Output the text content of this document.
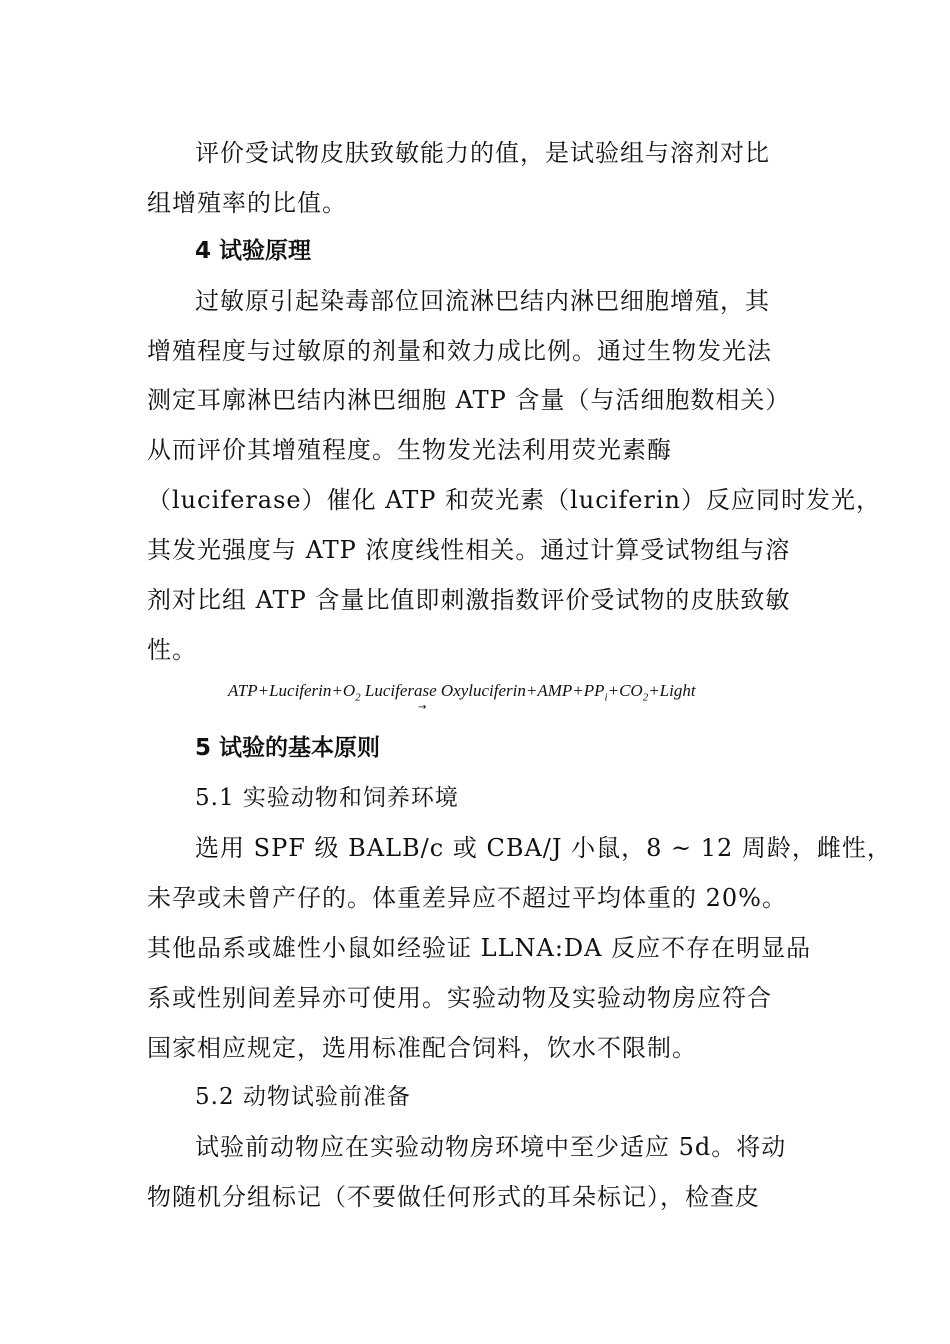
评价受试物皮肤致敏能力的值，是试验组与溶剂对比
组增殖率的比值。
4 试验原理
过敏原引起染毒部位回流淋巴结内淋巴细胞增殖，其
增殖程度与过敏原的剂量和效力成比例。通过生物发光法
测定耳廓淋巴结内淋巴细胞 ATP 含量（与活细胞数相关）
从而评价其增殖程度。生物发光法利用荧光素酶
（luciferase）催化 ATP 和荧光素（luciferin）反应同时发光，
其发光强度与 ATP 浓度线性相关。通过计算受试物组与溶
剂对比组 ATP 含量比值即刺激指数评价受试物的皮肤致敏
性。
$ATP+Luciferin+O_2$ Luciferase $Oxyluciferin+AMP+PP_i+CO_2+Light$
→
5 试验的基本原则
5.1 实验动物和饲养环境
选用 SPF 级 BALB/c 或 CBA/J 小鼠，8 ~ 12 周龄，雌性，
未孕或未曾产仔的。体重差异应不超过平均体重的 20%。
其他品系或雄性小鼠如经验证 LLNA:DA 反应不存在明显品
系或性别间差异亦可使用。实验动物及实验动物房应符合
国家相应规定，选用标准配合饲料，饮水不限制。
5.2 动物试验前准备
试验前动物应在实验动物房环境中至少适应 5d。将动
物随机分组标记（不要做任何形式的耳朵标记），检查皮
